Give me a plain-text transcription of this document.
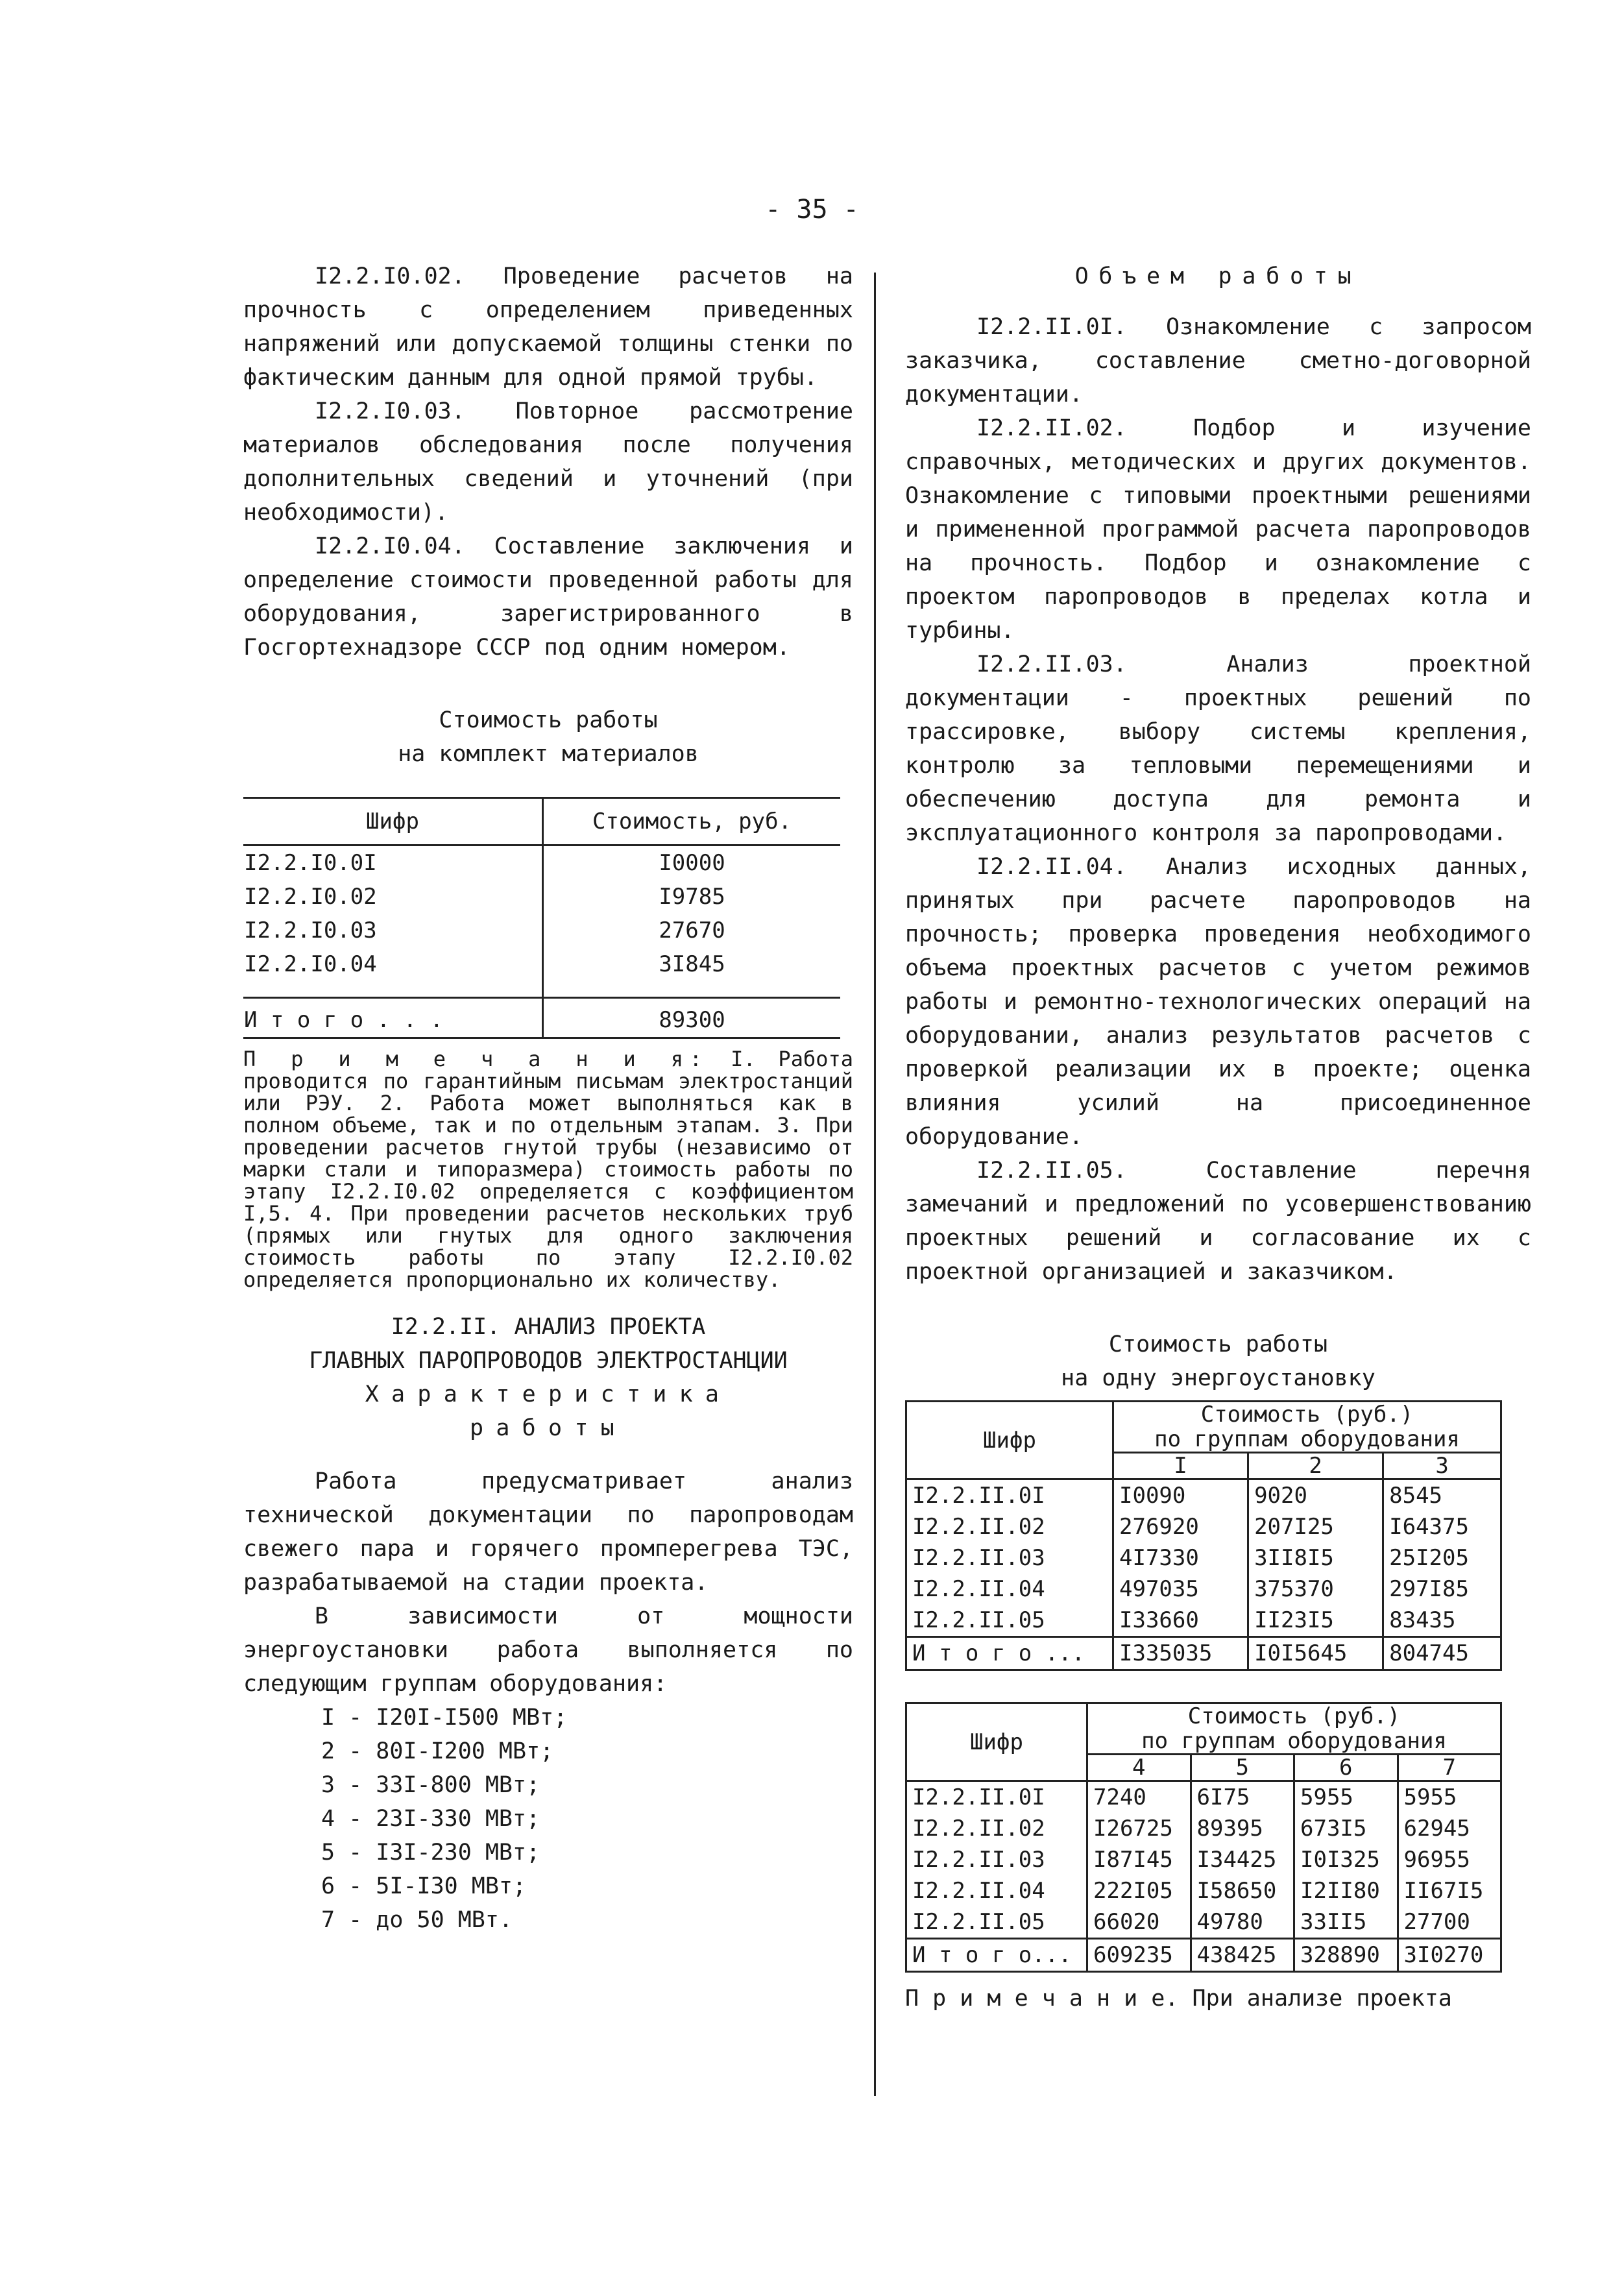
- 35 -

I2.2.I0.02. Проведение расчетов на прочность с определением приведенных напряжений или допускаемой толщины стенки по фактическим данным для одной прямой трубы.

I2.2.I0.03. Повторное рассмотрение материалов обследования после получения дополнительных сведений и уточнений (при необходимости).

I2.2.I0.04. Составление заключения и определение стоимости проведенной работы для оборудования, зарегистрированного в Госгортехнадзоре СССР под одним номером.

Стоимость работы

на комплект материалов

Шифр	Стоимость, руб.
I2.2.I0.0I	I0000
I2.2.I0.02	I9785
I2.2.I0.03	27670
I2.2.I0.04	3I845

И т о г о . . .	89300
П р и м е ч а н и я: I. Работа проводится по гарантийным письмам электростанций или РЭУ. 2. Работа может выполняться как в полном объеме, так и по отдельным этапам. 3. При проведении расчетов гнутой трубы (независимо от марки стали и типоразмера) стоимость работы по этапу I2.2.I0.02 определяется с коэффициентом I,5. 4. При проведении расчетов нескольких труб (прямых или гнутых для одного заключения стоимость работы по этапу I2.2.I0.02 определяется пропорционально их количеству.

I2.2.II. АНАЛИЗ ПРОЕКТА

ГЛАВНЫХ ПАРОПРОВОДОВ ЭЛЕКТРОСТАНЦИИ

Характеристика

работы

Работа предусматривает анализ технической документации по паропроводам свежего пара и горячего промперегрева ТЭС, разрабатываемой на стадии проекта.

В зависимости от мощности энергоустановки работа выполняется по следующим группам оборудования:

I - I20I-I500 МВт;
2 - 80I-I200 МВт;
3 - 33I-800 МВт;
4 - 23I-330 МВт;
5 - I3I-230 МВт;
6 - 5I-I30 МВт;
7 - до 50 МВт.

Объем работы

I2.2.II.0I. Ознакомление с запросом заказчика, составление сметно-договорной документации.

I2.2.II.02. Подбор и изучение справочных, методических и других документов. Ознакомление с типовыми проектными решениями и примененной программой расчета паропроводов на прочность. Подбор и ознакомление с проектом паропроводов в пределах котла и турбины.

I2.2.II.03. Анализ проектной документации - проектных решений по трассировке, выбору системы крепления, контролю за тепловыми перемещениями и обеспечению доступа для ремонта и эксплуатационного контроля за паропроводами.

I2.2.II.04. Анализ исходных данных, принятых при расчете паропроводов на прочность; проверка проведения необходимого объема проектных расчетов с учетом режимов работы и ремонтно-технологических операций на оборудовании, анализ результатов расчетов с проверкой реализации их в проекте; оценка влияния усилий на присоединенное оборудование.

I2.2.II.05. Составление перечня замечаний и предложений по усовершенствованию проектных решений и согласование их с проектной организацией и заказчиком.

Стоимость работы

на одну энергоустановку

Шифр	Стоимость (руб.)
по группам оборудования		

	I	2	3
I2.2.II.0I	I0090	9020	8545
I2.2.II.02	276920	207I25	I64375
I2.2.II.03	4I7330	3II8I5	25I205
I2.2.II.04	497035	375370	297I85
I2.2.II.05	I33660	II23I5	83435
И т о г о ...	I335035	I0I5645	804745
Шифр	Стоимость (руб.)
по группам оборудования			

	4	5	6	7
I2.2.II.0I	7240	6I75	5955	5955
I2.2.II.02	I26725	89395	673I5	62945
I2.2.II.03	I87I45	I34425	I0I325	96955
I2.2.II.04	222I05	I58650	I2II80	II67I5
I2.2.II.05	66020	49780	33II5	27700
И т о г о...	609235	438425	328890	3I0270

П р и м е ч а н и е. При анализе проекта
